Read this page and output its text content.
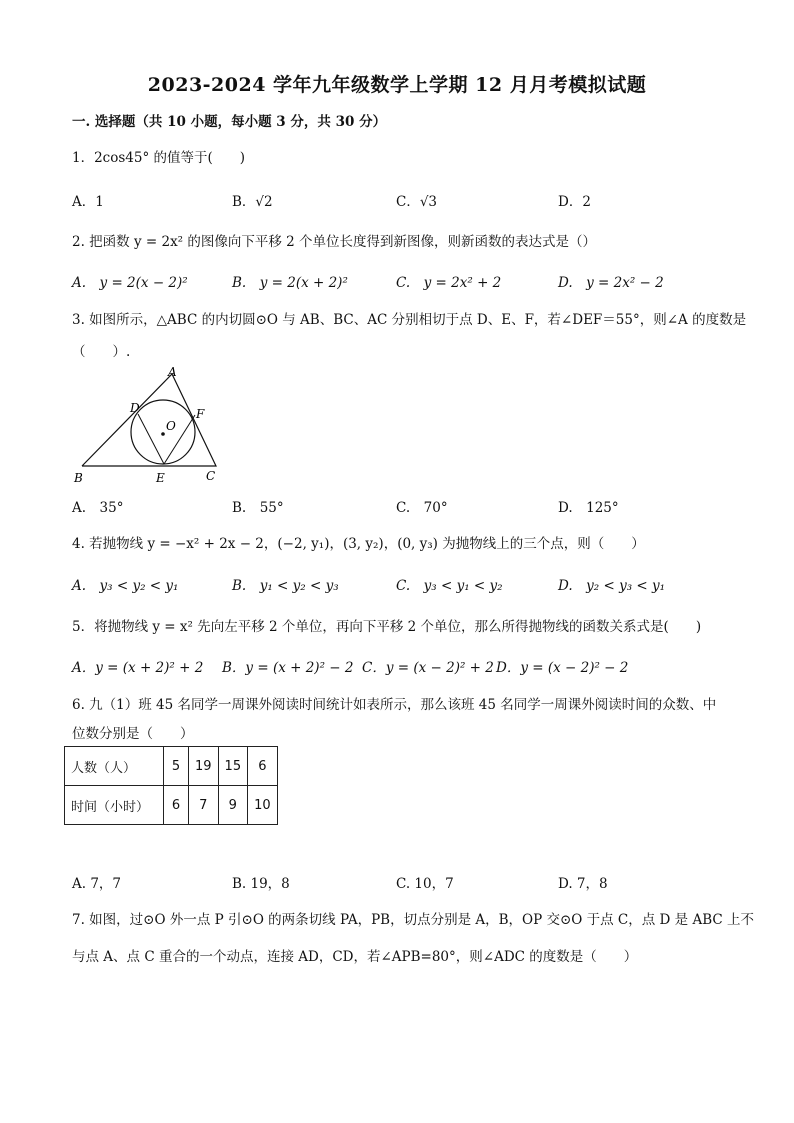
2023-2024 学年九年级数学上学期 12 月月考模拟试题
一. 选择题（共 10 小题，每小题 3 分，共 30 分）
1．2cos45° 的值等于(　　)
A．1	B．√2	C．√3	D．2
2. 把函数 y = 2x² 的图像向下平移 2 个单位长度得到新图像，则新函数的表达式是（）
A.　y = 2(x − 2)²	B.　y = 2(x + 2)²	C.　y = 2x² + 2	D.　y = 2x² − 2
3. 如图所示，△ABC 的内切圆⊙O 与 AB、BC、AC 分别相切于点 D、E、F，若∠DEF＝55°，则∠A 的度数是
（　　）.
A
B	C
D
E
F
O
A.　35°	B.　55°	C.　70°	D.　125°
4. 若抛物线 y = −x² + 2x − 2，(−2, y₁)，(3, y₂)，(0, y₃) 为抛物线上的三个点，则（　　）
A.　y₃ < y₂ < y₁	B.　y₁ < y₂ < y₃	C.　y₃ < y₁ < y₂	D.　y₂ < y₃ < y₁
5．将抛物线 y = x² 先向左平移 2 个单位，再向下平移 2 个单位，那么所得抛物线的函数关系式是(　　)
A．y = (x + 2)² + 2 B．y = (x + 2)² − 2 C．y = (x − 2)² + 2 D．y = (x − 2)² − 2
6. 九（1）班 45 名同学一周课外阅读时间统计如表所示，那么该班 45 名同学一周课外阅读时间的众数、中
位数分别是（　　）
人数（人）	5	19	15	6
时间（小时）	6	7	9	10
A. 7，7	B. 19，8	C. 10，7	D. 7，8
7. 如图，过⊙O 外一点 P 引⊙O 的两条切线 PA，PB，切点分别是 A，B，OP 交⊙O 于点 C，点 D 是 ABC 上不
与点 A、点 C 重合的一个动点，连接 AD，CD，若∠APB=80°，则∠ADC 的度数是（　　）
